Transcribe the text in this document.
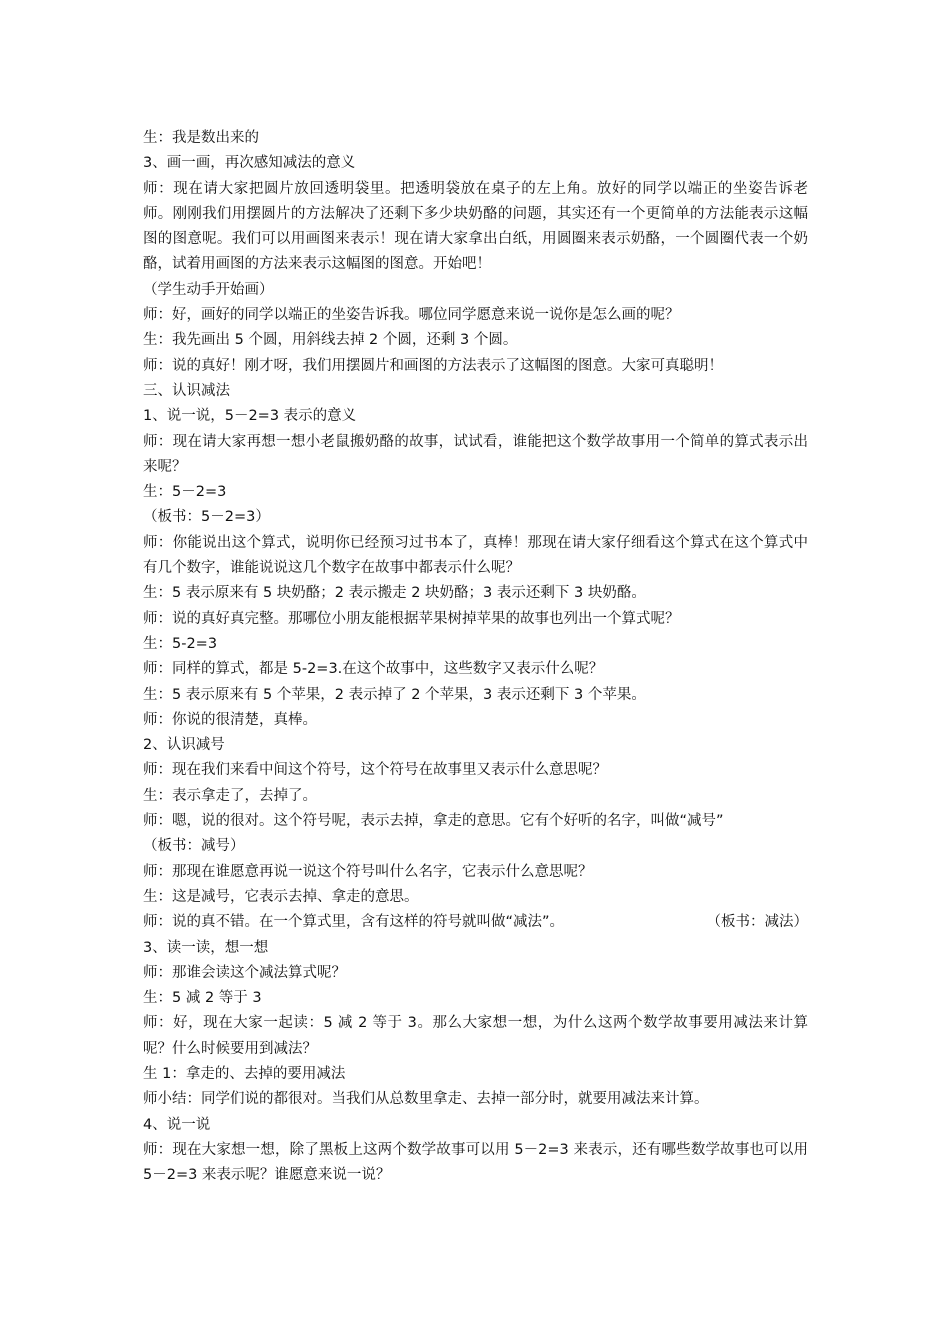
生：我是数出来的

3、画一画，再次感知减法的意义

师：现在请大家把圆片放回透明袋里。把透明袋放在桌子的左上角。放好的同学以端正的坐姿告诉老师。刚刚我们用摆圆片的方法解决了还剩下多少块奶酪的问题，其实还有一个更简单的方法能表示这幅图的图意呢。我们可以用画图来表示！现在请大家拿出白纸，用圆圈来表示奶酪，一个圆圈代表一个奶酪，试着用画图的方法来表示这幅图的图意。开始吧！

（学生动手开始画）

师：好，画好的同学以端正的坐姿告诉我。哪位同学愿意来说一说你是怎么画的呢？

生：我先画出 5 个圆，用斜线去掉 2 个圆，还剩 3 个圆。

师：说的真好！刚才呀，我们用摆圆片和画图的方法表示了这幅图的图意。大家可真聪明！

三、认识减法

1、说一说，5－2=3 表示的意义

师：现在请大家再想一想小老鼠搬奶酪的故事，试试看，谁能把这个数学故事用一个简单的算式表示出来呢？

生：5－2=3

（板书：5－2=3）

师：你能说出这个算式，说明你已经预习过书本了，真棒！那现在请大家仔细看这个算式在这个算式中有几个数字，谁能说说这几个数字在故事中都表示什么呢？

生：5 表示原来有 5 块奶酪；2 表示搬走 2 块奶酪；3 表示还剩下 3 块奶酪。

师：说的真好真完整。那哪位小朋友能根据苹果树掉苹果的故事也列出一个算式呢？

生：5-2=3

师：同样的算式，都是 5-2=3.在这个故事中，这些数字又表示什么呢？

生：5 表示原来有 5 个苹果，2 表示掉了 2 个苹果，3 表示还剩下 3 个苹果。

师：你说的很清楚，真棒。

2、认识减号

师：现在我们来看中间这个符号，这个符号在故事里又表示什么意思呢？

生：表示拿走了，去掉了。

师：嗯，说的很对。这个符号呢，表示去掉，拿走的意思。它有个好听的名字，叫做“减号”

（板书：减号）

师：那现在谁愿意再说一说这个符号叫什么名字，它表示什么意思呢？

生：这是减号，它表示去掉、拿走的意思。

师：说的真不错。在一个算式里，含有这样的符号就叫做“减法”。	（板书：减法）

3、读一读，想一想

师：那谁会读这个减法算式呢？

生：5 减 2 等于 3

师：好，现在大家一起读：5 减 2 等于 3。那么大家想一想，为什么这两个数学故事要用减法来计算呢？什么时候要用到减法？

生 1：拿走的、去掉的要用减法

师小结：同学们说的都很对。当我们从总数里拿走、去掉一部分时，就要用减法来计算。

4、说一说

师：现在大家想一想，除了黑板上这两个数学故事可以用 5－2=3 来表示，还有哪些数学故事也可以用 5－2=3 来表示呢？谁愿意来说一说？
